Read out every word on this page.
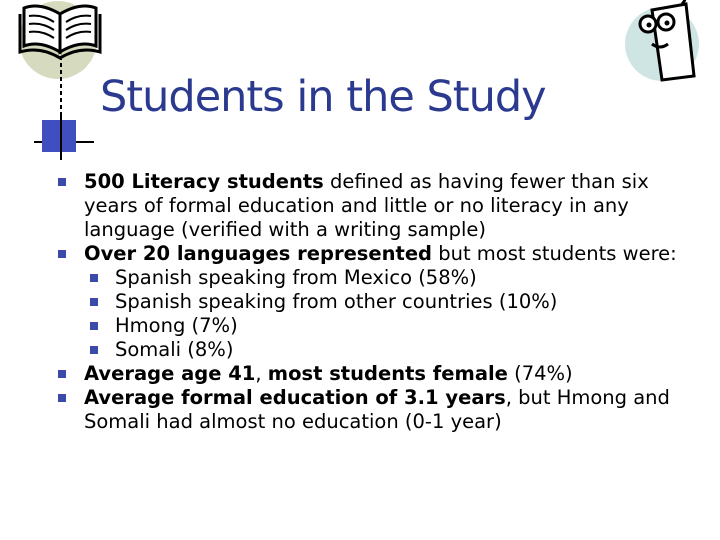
Students in the Study

500 Literacy students defined as having fewer than six years of formal education and little or no literacy in any language (verified with a writing sample)

Over 20 languages represented but most students were:

Spanish speaking from Mexico (58%)

Spanish speaking from other countries (10%)

Hmong (7%)

Somali (8%)

Average age 41, most students female (74%)

Average formal education of 3.1 years, but Hmong and Somali had almost no education (0-1 year)
